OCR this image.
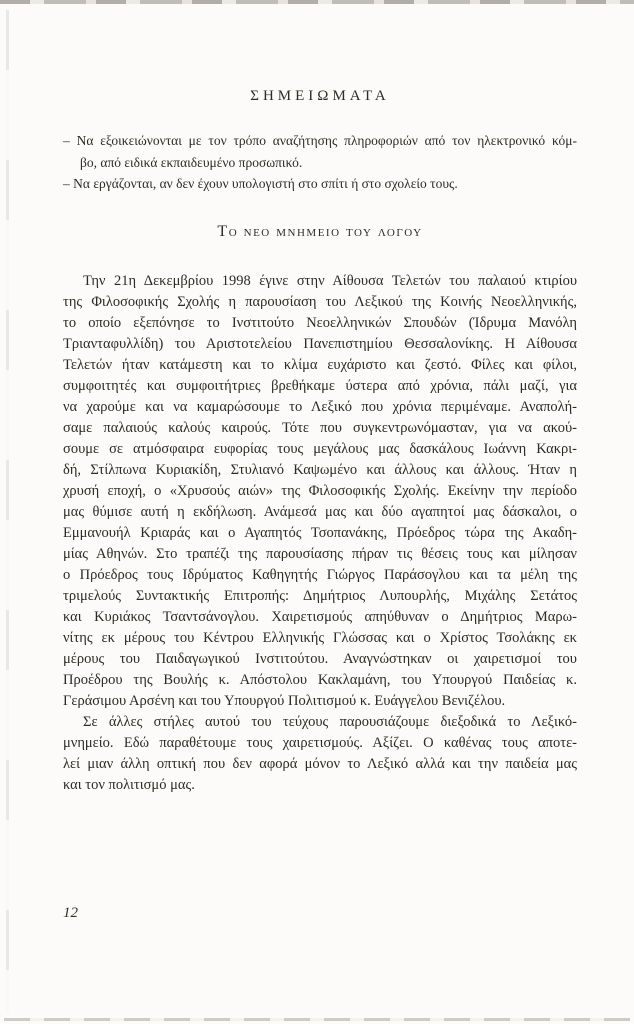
ΣΗΜΕΙΩΜΑΤΑ
– Να εξοικειώνονται με τον τρόπο αναζήτησης πληροφοριών από τον ηλεκτρονικό κόμ-
βο, από ειδικά εκπαιδευμένο προσωπικό.
– Να εργάζονται, αν δεν έχουν υπολογιστή στο σπίτι ή στο σχολείο τους.
Το νεο μνημειο του λογου
Την 21η Δεκεμβρίου 1998 έγινε στην Αίθουσα Τελετών του παλαιού κτιρίου
της Φιλοσοφικής Σχολής η παρουσίαση του Λεξικού της Κοινής Νεοελληνικής,
το οποίο εξεπόνησε το Ινστιτούτο Νεοελληνικών Σπουδών (Ίδρυμα Μανόλη
Τριανταφυλλίδη) του Αριστοτελείου Πανεπιστημίου Θεσσαλονίκης. Η Αίθουσα
Τελετών ήταν κατάμεστη και το κλίμα ευχάριστο και ζεστό. Φίλες και φίλοι,
συμφοιτητές και συμφοιτήτριες βρεθήκαμε ύστερα από χρόνια, πάλι μαζί, για
να χαρούμε και να καμαρώσουμε το Λεξικό που χρόνια περιμέναμε. Αναπολή-
σαμε παλαιούς καλούς καιρούς. Τότε που συγκεντρωνόμασταν, για να ακού-
σουμε σε ατμόσφαιρα ευφορίας τους μεγάλους μας δασκάλους Ιωάννη Κακρι-
δή, Στίλπωνα Κυριακίδη, Στυλιανό Καψωμένο και άλλους και άλλους. Ήταν η
χρυσή εποχή, ο «Χρυσούς αιών» της Φιλοσοφικής Σχολής. Εκείνην την περίοδο
μας θύμισε αυτή η εκδήλωση. Ανάμεσά μας και δύο αγαπητοί μας δάσκαλοι, ο
Εμμανουήλ Κριαράς και ο Αγαπητός Τσοπανάκης, Πρόεδρος τώρα της Ακαδη-
μίας Αθηνών. Στο τραπέζι της παρουσίασης πήραν τις θέσεις τους και μίλησαν
ο Πρόεδρος τους Ιδρύματος Καθηγητής Γιώργος Παράσογλου και τα μέλη της
τριμελούς Συντακτικής Επιτροπής: Δημήτριος Λυπουρλής, Μιχάλης Σετάτος
και Κυριάκος Τσαντσάνογλου. Χαιρετισμούς απηύθυναν ο Δημήτριος Μαρω-
νίτης εκ μέρους του Κέντρου Ελληνικής Γλώσσας και ο Χρίστος Τσολάκης εκ
μέρους του Παιδαγωγικού Ινστιτούτου. Αναγνώστηκαν οι χαιρετισμοί του
Προέδρου της Βουλής κ. Απόστολου Κακλαμάνη, του Υπουργού Παιδείας κ.
Γεράσιμου Αρσένη και του Υπουργού Πολιτισμού κ. Ευάγγελου Βενιζέλου.
Σε άλλες στήλες αυτού του τεύχους παρουσιάζουμε διεξοδικά το Λεξικό-
μνημείο. Εδώ παραθέτουμε τους χαιρετισμούς. Αξίζει. Ο καθένας τους αποτε-
λεί μιαν άλλη οπτική που δεν αφορά μόνον το Λεξικό αλλά και την παιδεία μας
και τον πολιτισμό μας.
12
